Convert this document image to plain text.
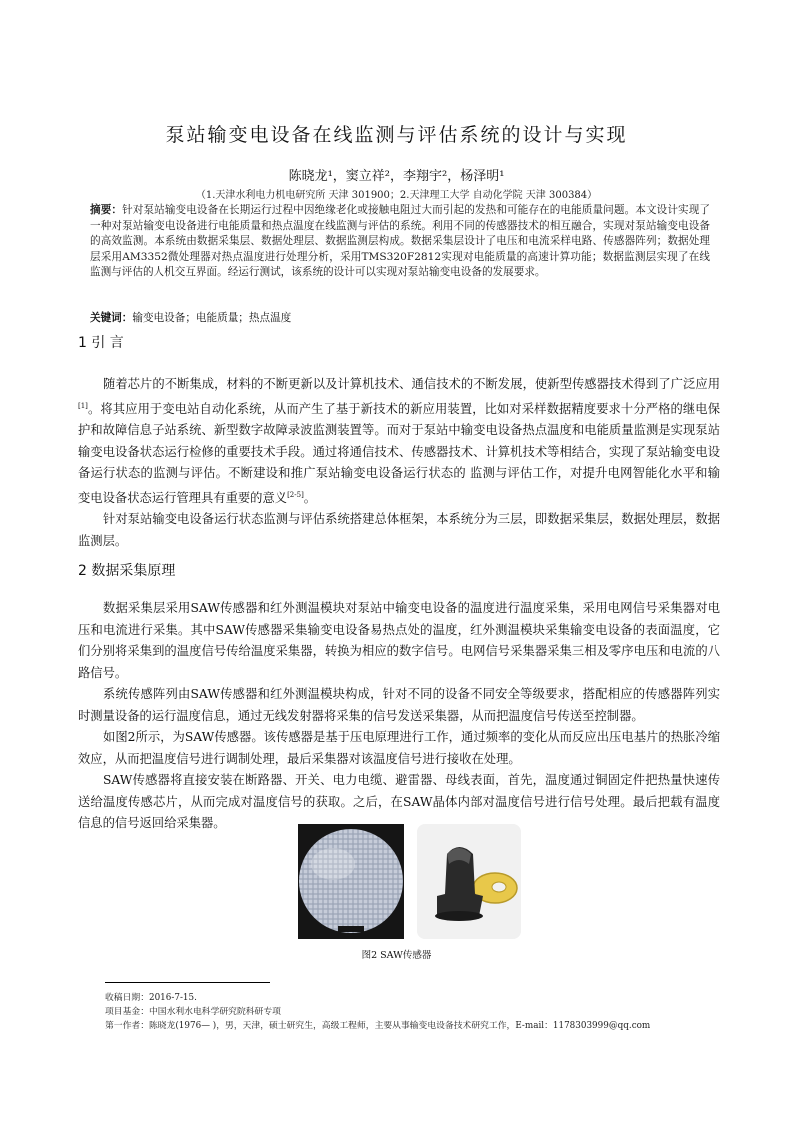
泵站输变电设备在线监测与评估系统的设计与实现
陈晓龙¹，窦立祥²，李翔宇²，杨泽明¹
（1.天津水利电力机电研究所 天津 301900；2.天津理工大学 自动化学院 天津 300384）
摘要：针对泵站输变电设备在长期运行过程中因绝缘老化或接触电阻过大而引起的发热和可能存在的电能质量问题。本文设计实现了一种对泵站输变电设备进行电能质量和热点温度在线监测与评估的系统。利用不同的传感器技术的相互融合，实现对泵站输变电设备的高效监测。本系统由数据采集层、数据处理层、数据监测层构成。数据采集层设计了电压和电流采样电路、传感器阵列；数据处理层采用AM3352微处理器对热点温度进行处理分析，采用TMS320F2812实现对电能质量的高速计算功能；数据监测层实现了在线监测与评估的人机交互界面。经运行测试，该系统的设计可以实现对泵站输变电设备的发展要求。
关键词：输变电设备；电能质量；热点温度
1 引 言

随着芯片的不断集成，材料的不断更新以及计算机技术、通信技术的不断发展，使新型传感器技术得到了广泛应用[1]。将其应用于变电站自动化系统，从而产生了基于新技术的新应用装置，比如对采样数据精度要求十分严格的继电保护和故障信息子站系统、新型数字故障录波监测装置等。而对于泵站中输变电设备热点温度和电能质量监测是实现泵站输变电设备状态运行检修的重要技术手段。通过将通信技术、传感器技术、计算机技术等相结合，实现了泵站输变电设备运行状态的监测与评估。不断建设和推广泵站输变电设备运行状态的 监测与评估工作，对提升电网智能化水平和输变电设备状态运行管理具有重要的意义[2-5]。

针对泵站输变电设备运行状态监测与评估系统搭建总体框架，本系统分为三层，即数据采集层，数据处理层，数据监测层。

2 数据采集原理

数据采集层采用SAW传感器和红外测温模块对泵站中输变电设备的温度进行温度采集，采用电网信号采集器对电压和电流进行采集。其中SAW传感器采集输变电设备易热点处的温度，红外测温模块采集输变电设备的表面温度，它们分别将采集到的温度信号传给温度采集器，转换为相应的数字信号。电网信号采集器采集三相及零序电压和电流的八路信号。

系统传感阵列由SAW传感器和红外测温模块构成，针对不同的设备不同安全等级要求，搭配相应的传感器阵列实时测量设备的运行温度信息，通过无线发射器将采集的信号发送采集器，从而把温度信号传送至控制器。

如图2所示，为SAW传感器。该传感器是基于压电原理进行工作，通过频率的变化从而反应出压电基片的热胀冷缩效应，从而把温度信号进行调制处理，最后采集器对该温度信号进行接收在处理。

SAW传感器将直接安装在断路器、开关、电力电缆、避雷器、母线表面，首先，温度通过铜固定件把热量快速传送给温度传感芯片，从而完成对温度信号的获取。之后，在SAW晶体内部对温度信号进行信号处理。最后把载有温度信息的信号返回给采集器。

图2 SAW传感器
收稿日期：2016-7-15.
项目基金：中国水利水电科学研究院科研专项
第一作者：陈晓龙(1976— )，男，天津，硕士研究生，高级工程师，主要从事输变电设备技术研究工作，E-mail：1178303999@qq.com
